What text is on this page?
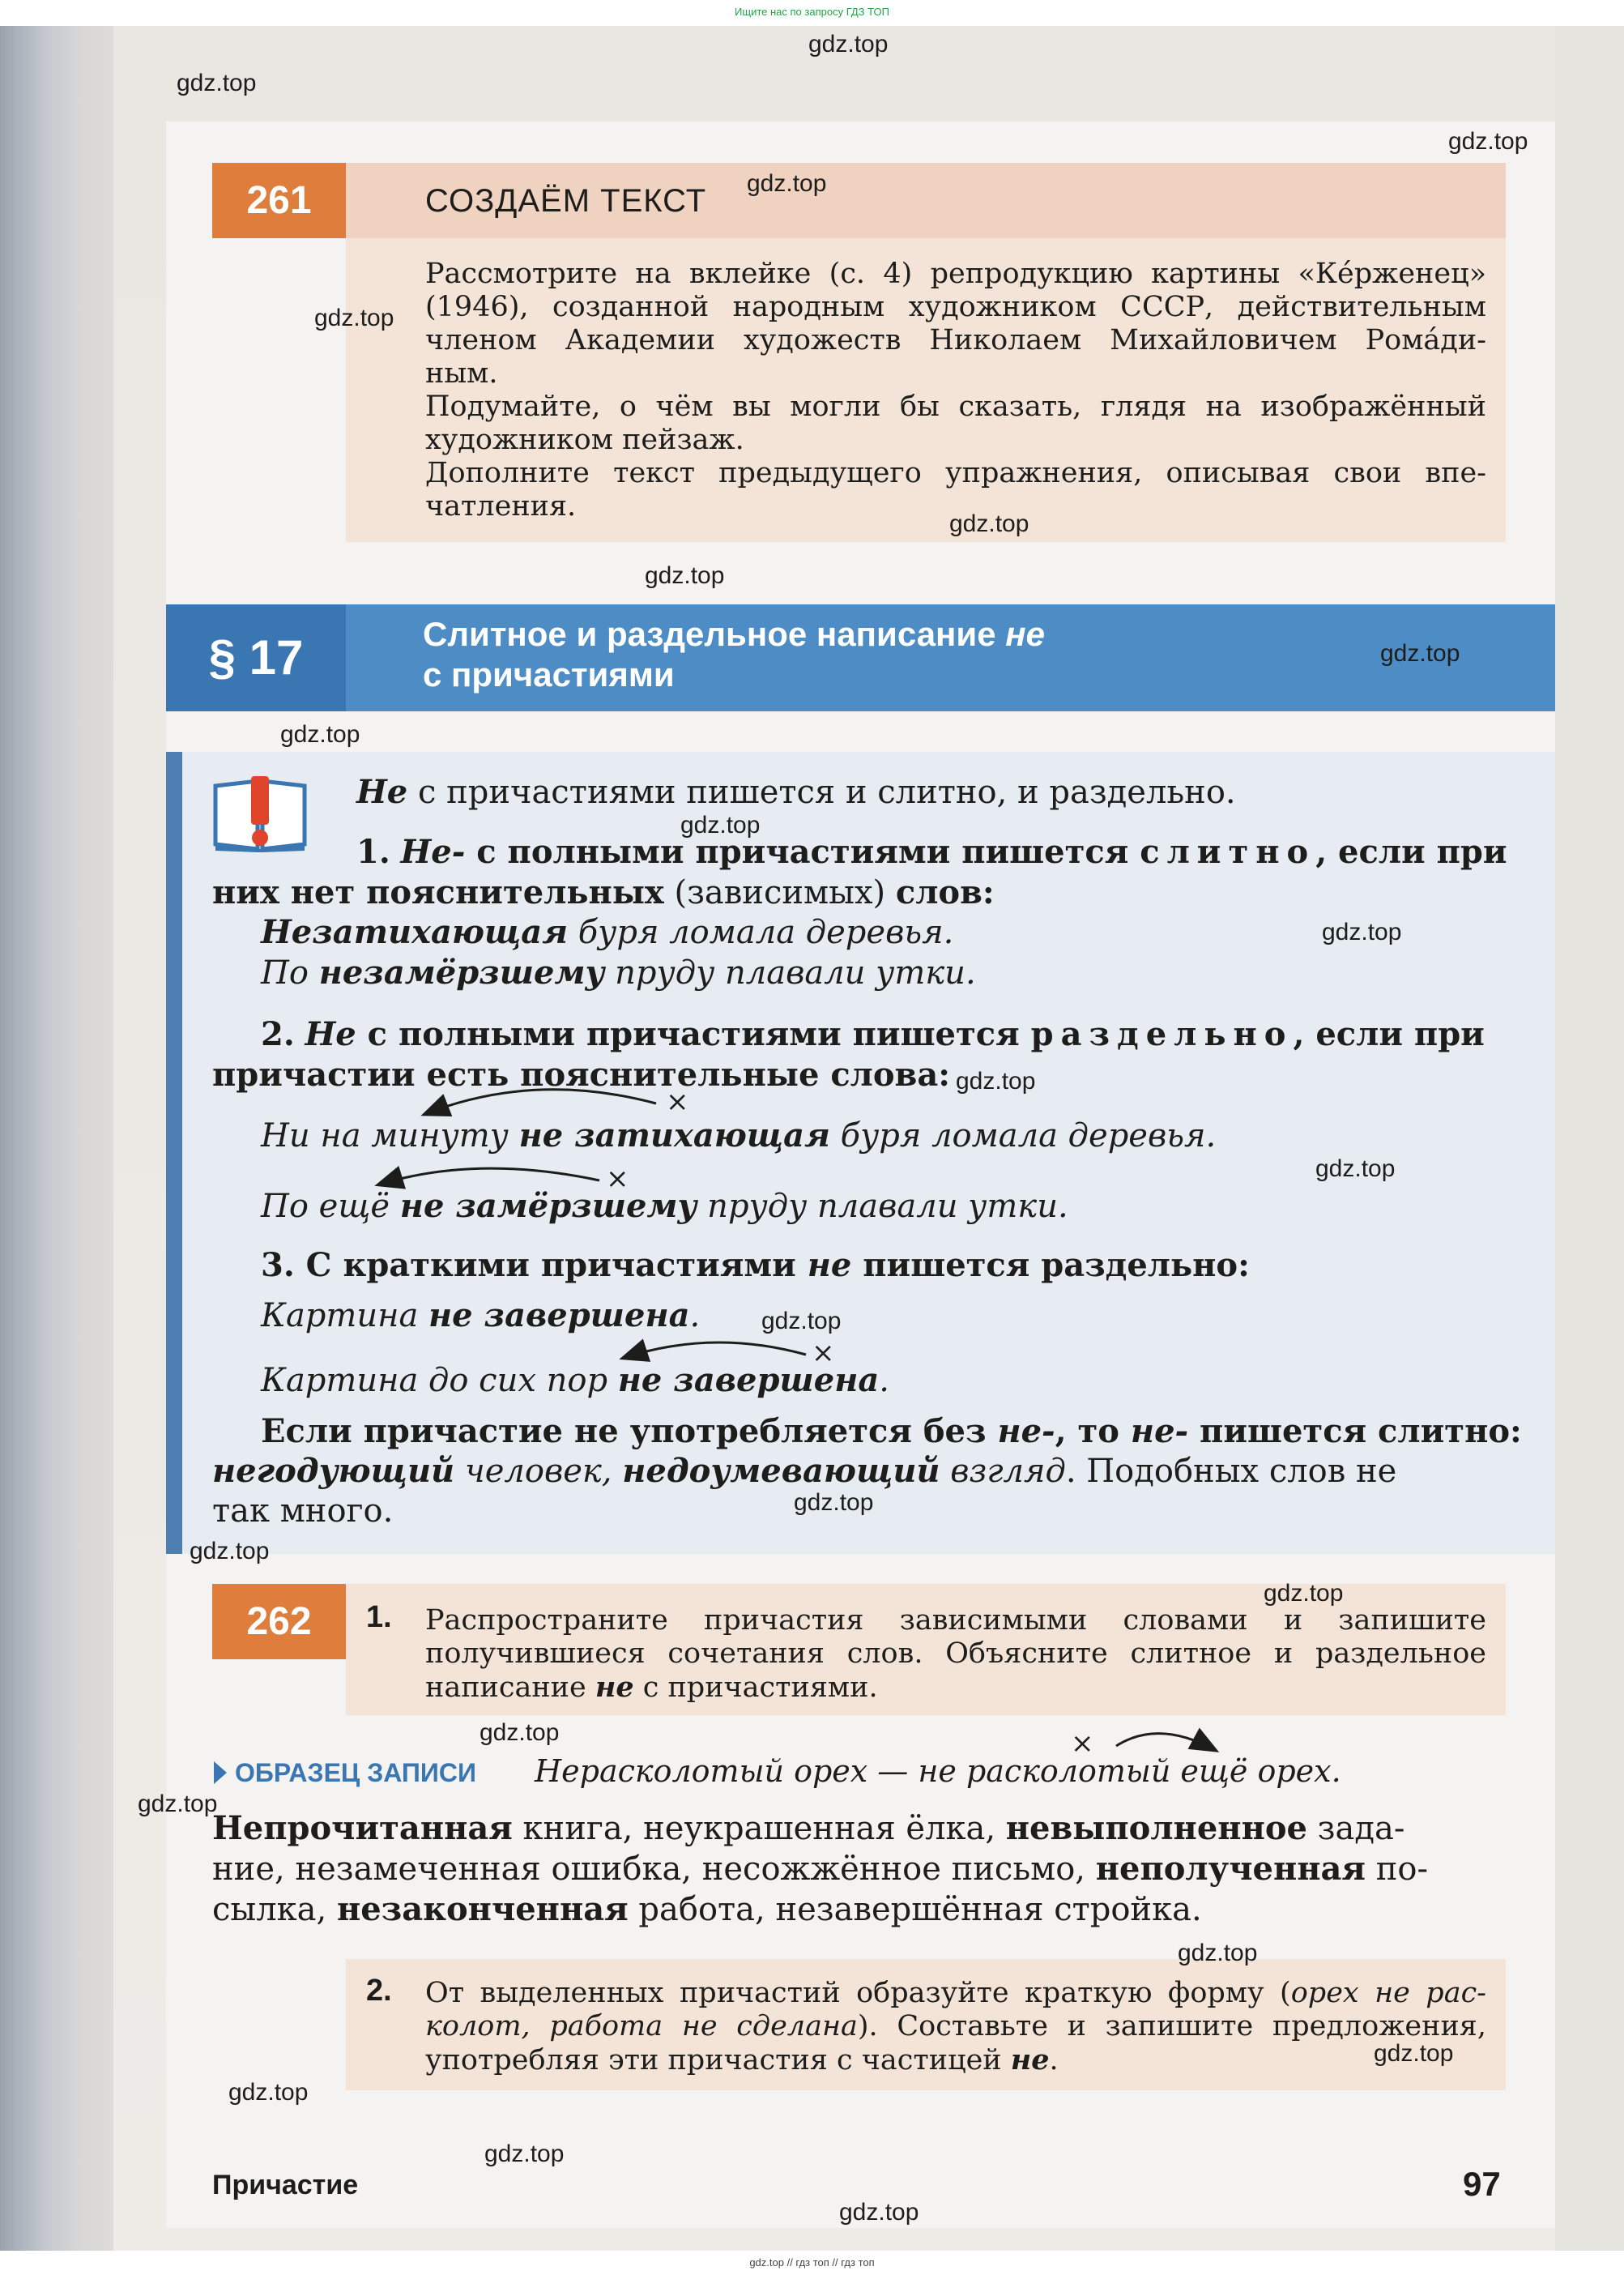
Ищите нас по запросу ГДЗ ТОП
261	СОЗДАЁМ ТЕКСТ
Рассмотрите на вклейке (с. 4) репродукцию картины «Ке́рженец»
(1946), созданной народным художником СССР, действительным
членом Академии художеств Николаем Михайловичем Рома́ди-
ным.
Подумайте, о чём вы могли бы сказать, глядя на изображённый
художником пейзаж.
Дополните текст предыдущего упражнения, описывая свои впе-
чатления.
§ 17	Слитное и раздельное написание не
с причастиями
Не с причастиями пишется и слитно, и раздельно.
1. Не- с полными причастиями пишется слитно, если при
них нет пояснительных (зависимых) слов:
Незатихающая буря ломала деревья.
По незамёрзшему пруду плавали утки.
2. Не с полными причастиями пишется раздельно, если при
причастии есть пояснительные слова:
Ни на минуту не затихающая буря ломала деревья.
По ещё не замёрзшему пруду плавали утки.
3. С краткими причастиями не пишется раздельно:
Картина не завершена.
Картина до сих пор не завершена.
Если причастие не употребляется без не-, то не- пишется слитно:
негодующий человек, недоумевающий взгляд. Подобных слов не
так много.
×
×
×
262	1. Распространите причастия зависимыми словами и запишите
получившиеся сочетания слов. Объясните слитное и раздельное
написание не с причастиями.
ОБРАЗЕЦ ЗАПИСИ Нерасколотый орех — не расколотый ещё орех.
×
Непрочитанная книга, неукрашенная ёлка, невыполненное зада-
ние, незамеченная ошибка, несожжённое письмо, неполученная по-
сылка, незаконченная работа, незавершённая стройка.
2. От выделенных причастий образуйте краткую форму (орех не рас-
колот, работа не сделана). Составьте и запишите предложения,
употребляя эти причастия с частицей не.
Причастие	97
gdz.top
gdz.top
gdz.top
gdz.top
gdz.top
gdz.top
gdz.top
gdz.top
gdz.top
gdz.top
gdz.top
gdz.top
gdz.top
gdz.top
gdz.top
gdz.top
gdz.top
gdz.top
gdz.top
gdz.top
gdz.top
gdz.top
gdz.top
gdz.top
gdz.top // гдз топ // гдз топ
